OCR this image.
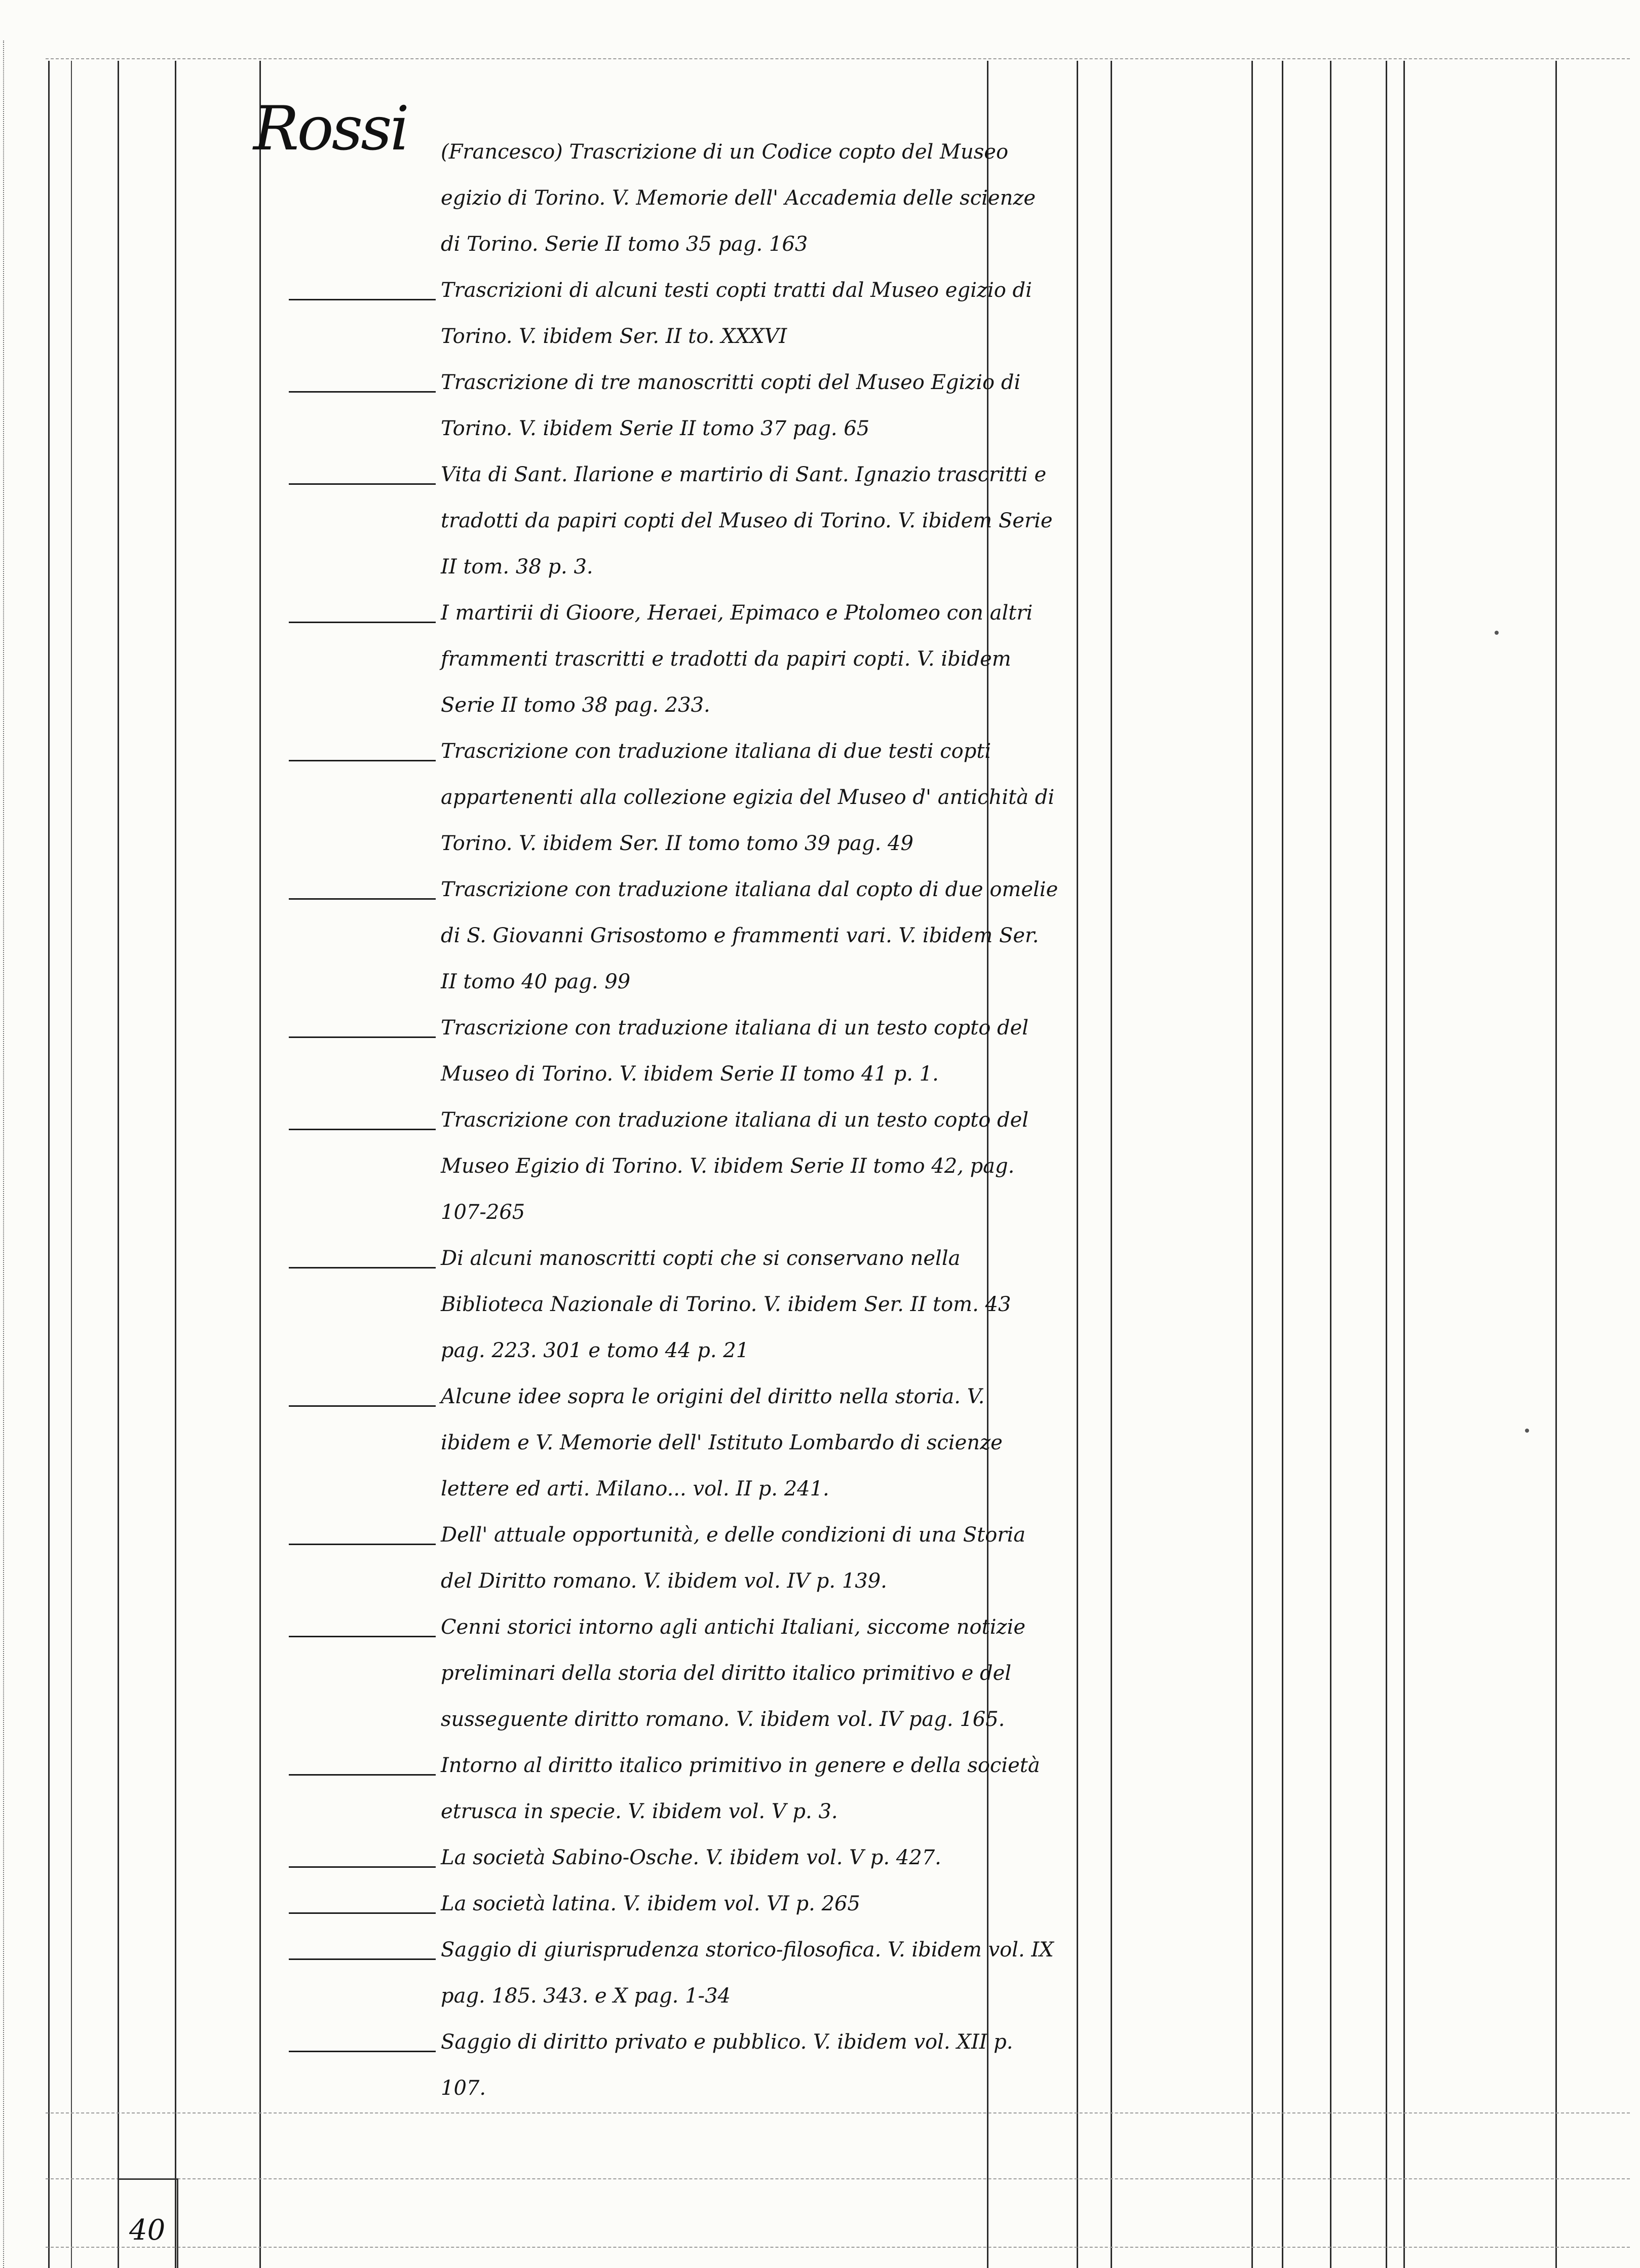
Rossi (Francesco) Trascrizione di un Codice copto del Museo egizio di Torino. V. Memorie dell' Accademia delle scienze di Torino. Serie II tomo 35 pag. 163

Trascrizioni di alcuni testi copti tratti dal Museo egizio di Torino. V. ibidem Ser. II to. XXXVI

Trascrizione di tre manoscritti copti del Museo Egizio di Torino. V. ibidem Serie II tomo 37 pag. 65

Vita di Sant. Ilarione e martirio di Sant. Ignazio trascritti e tradotti da papiri copti del Museo di Torino. V. ibidem Serie II tom. 38 p. 3.

I martirii di Gioore, Heraei, Epimaco e Ptolomeo con altri frammenti trascritti e tradotti da papiri copti. V. ibidem Serie II tomo 38 pag. 233.

Trascrizione con traduzione italiana di due testi copti appartenenti alla collezione egizia del Museo d' antichità di Torino. V. ibidem Ser. II tomo tomo 39 pag. 49

Trascrizione con traduzione italiana dal copto di due omelie di S. Giovanni Grisostomo e frammenti vari. V. ibidem Ser. II tomo 40 pag. 99

Trascrizione con traduzione italiana di un testo copto del Museo di Torino. V. ibidem Serie II tomo 41 p. 1.

Trascrizione con traduzione italiana di un testo copto del Museo Egizio di Torino. V. ibidem Serie II tomo 42, pag. 107-265

Di alcuni manoscritti copti che si conservano nella Biblioteca Nazionale di Torino. V. ibidem Ser. II tom. 43 pag. 223. 301 e tomo 44 p. 21

Alcune idee sopra le origini del diritto nella storia. V. ibidem e V. Memorie dell' Istituto Lombardo di scienze lettere ed arti. Milano... vol. II p. 241.

Dell' attuale opportunità, e delle condizioni di una Storia del Diritto romano. V. ibidem vol. IV p. 139.

Cenni storici intorno agli antichi Italiani, siccome notizie preliminari della storia del diritto italico primitivo e del susseguente diritto romano. V. ibidem vol. IV pag. 165.

Intorno al diritto italico primitivo in genere e della società etrusca in specie. V. ibidem vol. V p. 3.

La società Sabino-Osche. V. ibidem vol. V p. 427.

La società latina. V. ibidem vol. VI p. 265

Saggio di giurisprudenza storico-filosofica. V. ibidem vol. IX pag. 185. 343. e X pag. 1-34

Saggio di diritto privato e pubblico. V. ibidem vol. XII p. 107.

40
